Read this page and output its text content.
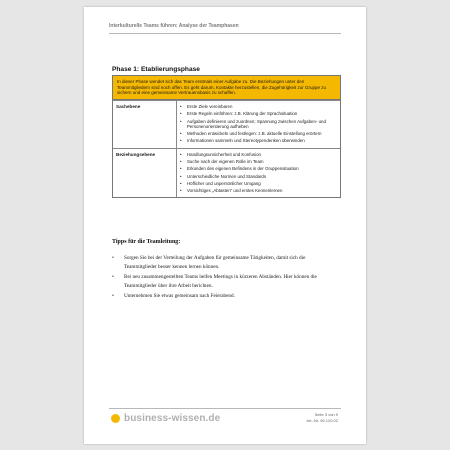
Interkulturelle Teams führen: Analyse der Teamphasen
Phase 1: Etablierungsphase
In dieser Phase wendet sich das Team erstmals einer Aufgabe zu. Die Beziehungen unter den Teammitgliedern sind noch offen. Es geht darum, Kontakte herzustellen, die Zugehörigkeit zur Gruppe zu sichern und eine gemeinsame Vertrauensbasis zu schaffen.
Sachebene	•	Erste Ziele vereinbaren
•	Erste Regeln einführen: z.B. Klärung der Sprachsituation
•	Aufgaben definieren und zuordnen; Spannung zwischen Aufgaben- und Personenorientierung aufheben
•	Methoden entwickeln und festlegen: z.B. aktuelle Einstellung erörtern
•	Informationen sammeln und Stereotypendenken überwinden
Beziehungsebene	•	Handlungsunsicherheit und Konfusion
•	Suche nach der eigenen Rolle im Team
•	Erkunden des eigenen Befindens in der Gruppensituation
•	Unterschiedliche Normen und Standards
•	Höflicher und unpersönlicher Umgang
•	Vorsichtiges „Abtasten“ und erstes Kennenlernen
Tipps für die Teamleitung:
•	Sorgen Sie bei der Verteilung der Aufgaben für gemeinsame Tätigkeiten, damit sich die Teammitglieder besser kennen lernen können.
•	Bei neu zusammengestellten Teams helfen Meetings in kürzeren Abständen. Hier können die Teammitglieder über ihre Arbeit berichten.
•	Unternehmen Sie etwas gemeinsam nach Feierabend.
business-wissen.de	Seite 3 von 9
Art.-Nr. 99.120.02
